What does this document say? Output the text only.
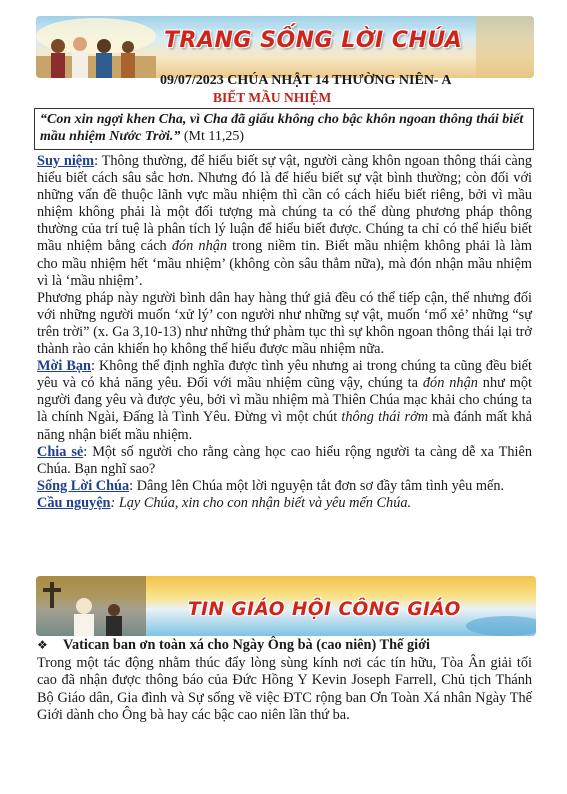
TRANG SỐNG LỜI CHÚA
09/07/2023 CHÚA NHẬT 14 THƯỜNG NIÊN- A
BIẾT MẦU NHIỆM
“Con xin ngợi khen Cha, vì Cha đã giấu không cho bậc khôn ngoan thông thái biết mầu nhiệm Nước Trời.” (Mt 11,25)

Suy niệm: Thông thường, để hiểu biết sự vật, người càng khôn ngoan thông thái càng hiểu biết cách sâu sắc hơn. Nhưng đó là để hiểu biết sự vật bình thường; còn đối với những vấn đề thuộc lãnh vực mầu nhiệm thì cần có cách hiểu biết riêng, bởi vì mầu nhiệm không phải là một đối tượng mà chúng ta có thể dùng phương pháp thông thường của trí tuệ là phân tích lý luận để hiểu biết được. Chúng ta chỉ có thể hiểu biết mầu nhiệm bằng cách đón nhận trong niềm tin. Biết mầu nhiệm không phải là làm cho mầu nhiệm hết ‘mầu nhiệm’ (không còn sâu thẳm nữa), mà đón nhận mầu nhiệm vì là ‘mầu nhiệm’.

Phương pháp này người bình dân hay hàng thứ giả đều có thể tiếp cận, thế nhưng đối với những người muốn ‘xử lý’ con người như những sự vật, muốn ‘mổ xẻ’ những “sự trên trời” (x. Ga 3,10-13) như những thứ phàm tục thì sự khôn ngoan thông thái lại trở thành rào cản khiến họ không thể hiểu được mầu nhiệm nữa.

Mời Bạn: Không thể định nghĩa được tình yêu nhưng ai trong chúng ta cũng đều biết yêu và có khả năng yêu. Đối với mầu nhiệm cũng vậy, chúng ta đón nhận như một người đang yêu và được yêu, bởi vì mầu nhiệm mà Thiên Chúa mạc khải cho chúng ta là chính Ngài, Đấng là Tình Yêu. Đừng vì một chút thông thái rởm mà đánh mất khả năng nhận biết mầu nhiệm.

Chia sẻ: Một số người cho rằng càng học cao hiểu rộng người ta càng dễ xa Thiên Chúa. Bạn nghĩ sao?

Sống Lời Chúa: Dâng lên Chúa một lời nguyện tắt đơn sơ đầy tâm tình yêu mến.

Cầu nguyện: Lạy Chúa, xin cho con nhận biết và yêu mến Chúa.

TIN GIÁO HỘI CÔNG GIÁO
❖ Vatican ban ơn toàn xá cho Ngày Ông bà (cao niên) Thế giới

Trong một tác động nhằm thúc đẩy lòng sùng kính nơi các tín hữu, Tòa Ân giải tối cao đã nhận được thông báo của Đức Hồng Y Kevin Joseph Farrell, Chủ tịch Thánh Bộ Giáo dân, Gia đình và Sự sống về việc ĐTC rộng ban Ơn Toàn Xá nhân Ngày Thế Giới dành cho Ông bà hay các bậc cao niên lần thứ ba.
